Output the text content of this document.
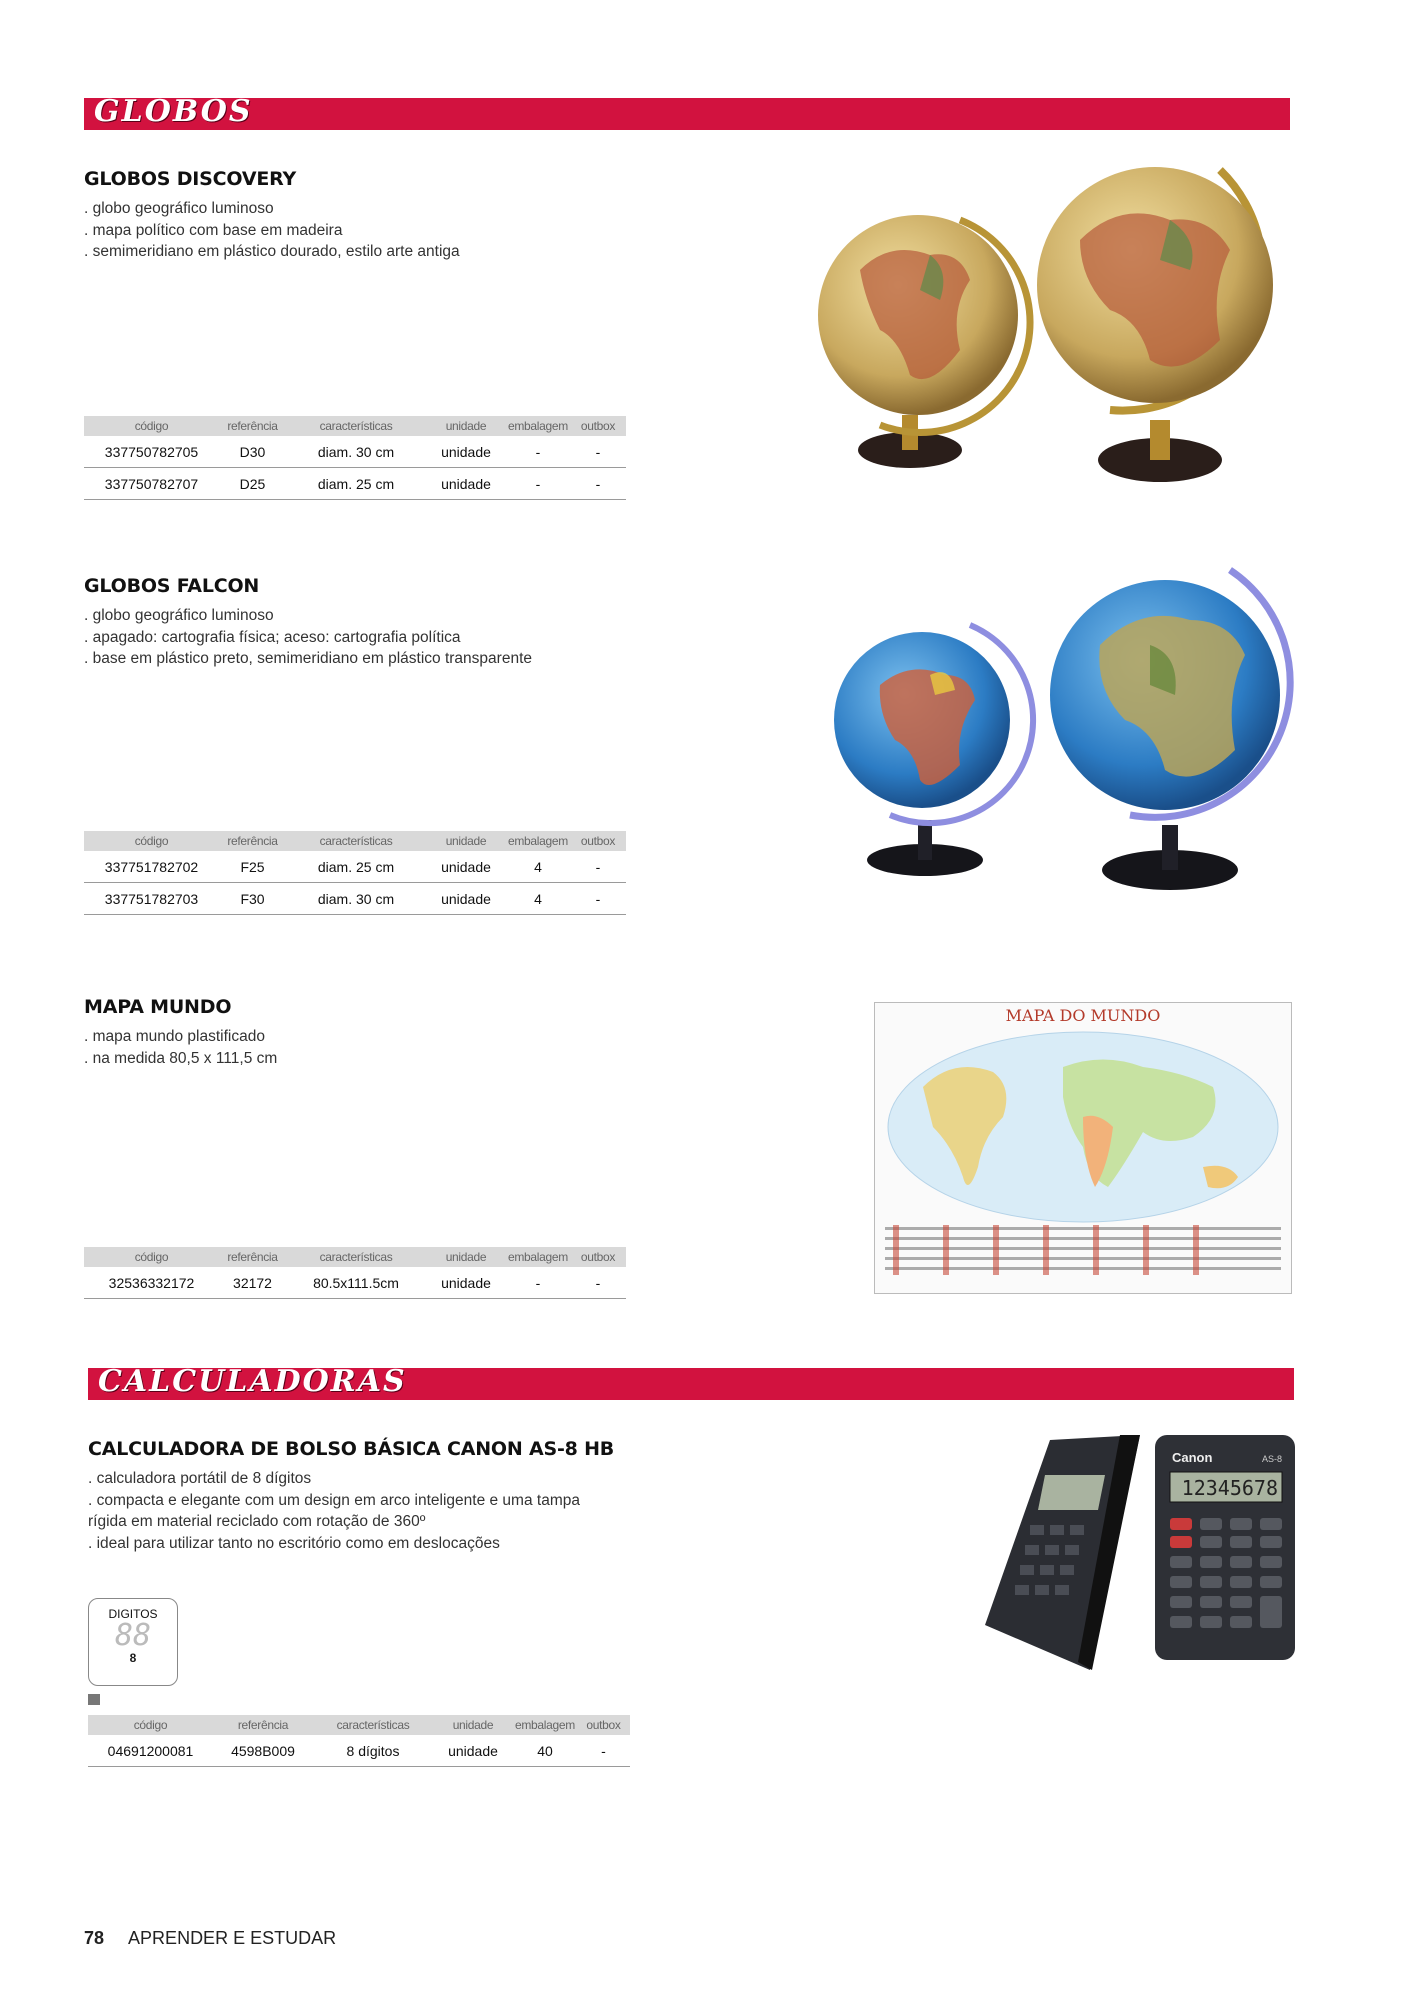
GLOBOS
GLOBOS DISCOVERY
. globo geográfico luminoso
. mapa político com base em madeira
. semimeridiano em plástico dourado, estilo arte antiga
código	referência	características	unidade	embalagem	outbox
337750782705	D30	diam. 30 cm	unidade	-	-
337750782707	D25	diam. 25 cm	unidade	-	-
GLOBOS FALCON
. globo geográfico luminoso
. apagado: cartografia física; aceso: cartografia política
. base em plástico preto, semimeridiano em plástico transparente
código	referência	características	unidade	embalagem	outbox
337751782702	F25	diam. 25 cm	unidade	4	-
337751782703	F30	diam. 30 cm	unidade	4	-
MAPA MUNDO
. mapa mundo plastificado
. na medida 80,5 x 111,5 cm
código	referência	características	unidade	embalagem	outbox
32536332172	32172	80.5x111.5cm	unidade	-	-
MAPA DO MUNDO
CALCULADORAS
CALCULADORA DE BOLSO BÁSICA CANON AS-8 HB
. calculadora portátil de 8 dígitos
. compacta e elegante com um design em arco inteligente e uma tampa
rígida em material reciclado com rotação de 360º
. ideal para utilizar tanto no escritório como em deslocações
DIGITOS
88
8
código	referência	características	unidade	embalagem	outbox
04691200081	4598B009	8 dígitos	unidade	40	-
Canon	AS-8
12345678
78 APRENDER E ESTUDAR
